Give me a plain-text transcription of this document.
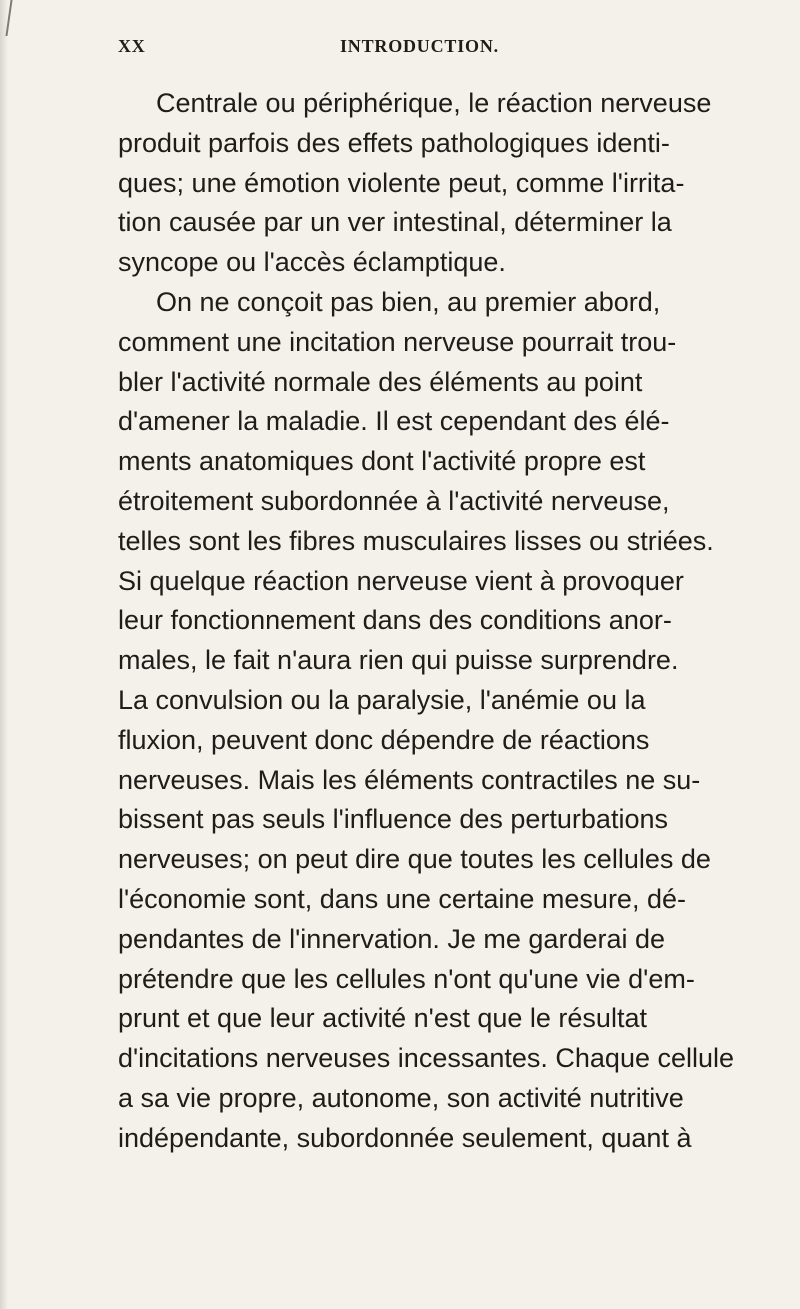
XX	INTRODUCTION.
Centrale ou périphérique, le réaction nerveuse
produit parfois des effets pathologiques identi-
ques; une émotion violente peut, comme l'irrita-
tion causée par un ver intestinal, déterminer la
syncope ou l'accès éclamptique.
On ne conçoit pas bien, au premier abord,
comment une incitation nerveuse pourrait trou-
bler l'activité normale des éléments au point
d'amener la maladie. Il est cependant des élé-
ments anatomiques dont l'activité propre est
étroitement subordonnée à l'activité nerveuse,
telles sont les fibres musculaires lisses ou striées.
Si quelque réaction nerveuse vient à provoquer
leur fonctionnement dans des conditions anor-
males, le fait n'aura rien qui puisse surprendre.
La convulsion ou la paralysie, l'anémie ou la
fluxion, peuvent donc dépendre de réactions
nerveuses. Mais les éléments contractiles ne su-
bissent pas seuls l'influence des perturbations
nerveuses; on peut dire que toutes les cellules de
l'économie sont, dans une certaine mesure, dé-
pendantes de l'innervation. Je me garderai de
prétendre que les cellules n'ont qu'une vie d'em-
prunt et que leur activité n'est que le résultat
d'incitations nerveuses incessantes. Chaque cellule
a sa vie propre, autonome, son activité nutritive
indépendante, subordonnée seulement, quant à
